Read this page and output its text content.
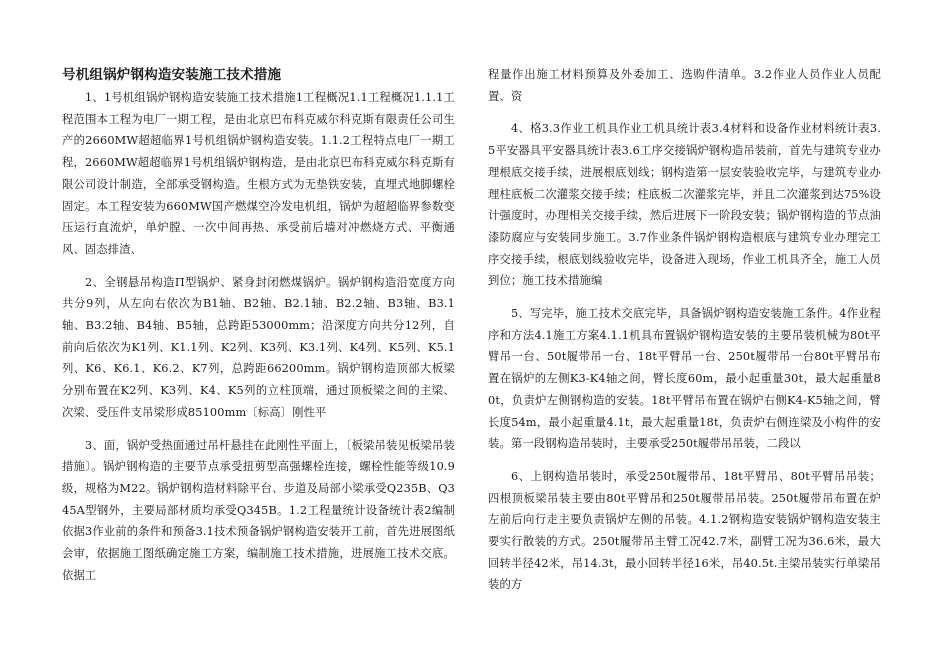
号机组锅炉钢构造安装施工技术措施

1、1号机组锅炉钢构造安装施工技术措施1工程概况1.1工程概况1.1.1工程范围本工程为电厂一期工程，是由北京巴布科克威尔科克斯有限责任公司生产的2660MW超超临界1号机组锅炉钢构造安装。1.1.2工程特点电厂一期工程，2660MW超超临界1号机组锅炉钢构造，是由北京巴布科克威尔科克斯有限公司设计制造，全部承受钢构造。生根方式为无垫铁安装，直埋式地脚螺栓固定。本工程安装为660MW国产燃煤空冷发电机组，锅炉为超超临界参数变压运行直流炉，单炉膛、一次中间再热、承受前后墙对冲燃烧方式、平衡通风、固态排渣、

2、全钢悬吊构造Π型锅炉、紧身封闭燃煤锅炉。锅炉钢构造沿宽度方向共分9列，从左向右依次为B1轴、B2轴、B2.1轴、B2.2轴、B3轴、B3.1轴、B3.2轴、B4轴、B5轴，总跨距53000mm；沿深度方向共分12列，自前向后依次为K1列、K1.1列、K2列、K3列、K3.1列、K4列、K5列、K5.1列、K6、K6.1、K6.2、K7列，总跨距66200mm。锅炉钢构造顶部大板梁分别布置在K2列、K3列、K4、K5列的立柱顶端，通过顶板梁之间的主梁、次梁、受压件支吊梁形成85100mm〔标高〕刚性平

3、面，锅炉受热面通过吊杆悬挂在此刚性平面上，〔板梁吊装见板梁吊装措施〕。锅炉钢构造的主要节点承受扭剪型高强螺栓连接，螺栓性能等级10.9级，规格为M22。锅炉钢构造材料除平台、步道及局部小梁承受Q235B、Q345A型钢外，主要局部材质均承受Q345B。1.2工程量统计设备统计表2编制依据3作业前的条件和预备3.1技术预备锅炉钢构造安装开工前，首先进展图纸会审，依据施工图纸确定施工方案，编制施工技术措施，进展施工技术交底。依据工

程量作出施工材料预算及外委加工、选购件清单。3.2作业人员作业人员配置、资

4、格3.3作业工机具作业工机具统计表3.4材料和设备作业材料统计表3.5平安器具平安器具统计表3.6工序交接锅炉钢构造吊装前，首先与建筑专业办理根底交接手续，进展根底划线；钢构造第一层安装验收完毕，与建筑专业办理柱底板二次灌浆交接手续；柱底板二次灌浆完毕，并且二次灌浆到达75%设计强度时，办理相关交接手续，然后进展下一阶段安装；锅炉钢构造的节点油漆防腐应与安装同步施工。3.7作业条件锅炉钢构造根底与建筑专业办理完工序交接手续，根底划线验收完毕，设备进入现场，作业工机具齐全，施工人员到位；施工技术措施编

5、写完毕，施工技术交底完毕，具备锅炉钢构造安装施工条件。4作业程序和方法4.1施工方案4.1.1机具布置锅炉钢构造安装的主要吊装机械为80t平臂吊一台、50t履带吊一台、18t平臂吊一台、250t履带吊一台80t平臂吊布置在锅炉的左侧K3-K4轴之间，臂长度60m，最小起重量30t，最大起重量80t，负责炉左侧钢构造的安装。18t平臂吊布置在锅炉右侧K4-K5轴之间，臂长度54m，最小起重量4.1t，最大起重量18t，负责炉右侧连梁及小构件的安装。第一段钢构造吊装时，主要承受250t履带吊吊装，二段以

6、上钢构造吊装时，承受250t履带吊、18t平臂吊、80t平臂吊吊装；四根顶板梁吊装主要由80t平臂吊和250t履带吊吊装。250t履带吊布置在炉左前后向行走主要负责锅炉左侧的吊装。4.1.2钢构造安装锅炉钢构造安装主要实行散装的方式。250t履带吊主臂工况42.7米，副臂工况为36.6米，最大回转半径42米，吊14.3t，最小回转半径16米，吊40.5t.主梁吊装实行单梁吊装的方
